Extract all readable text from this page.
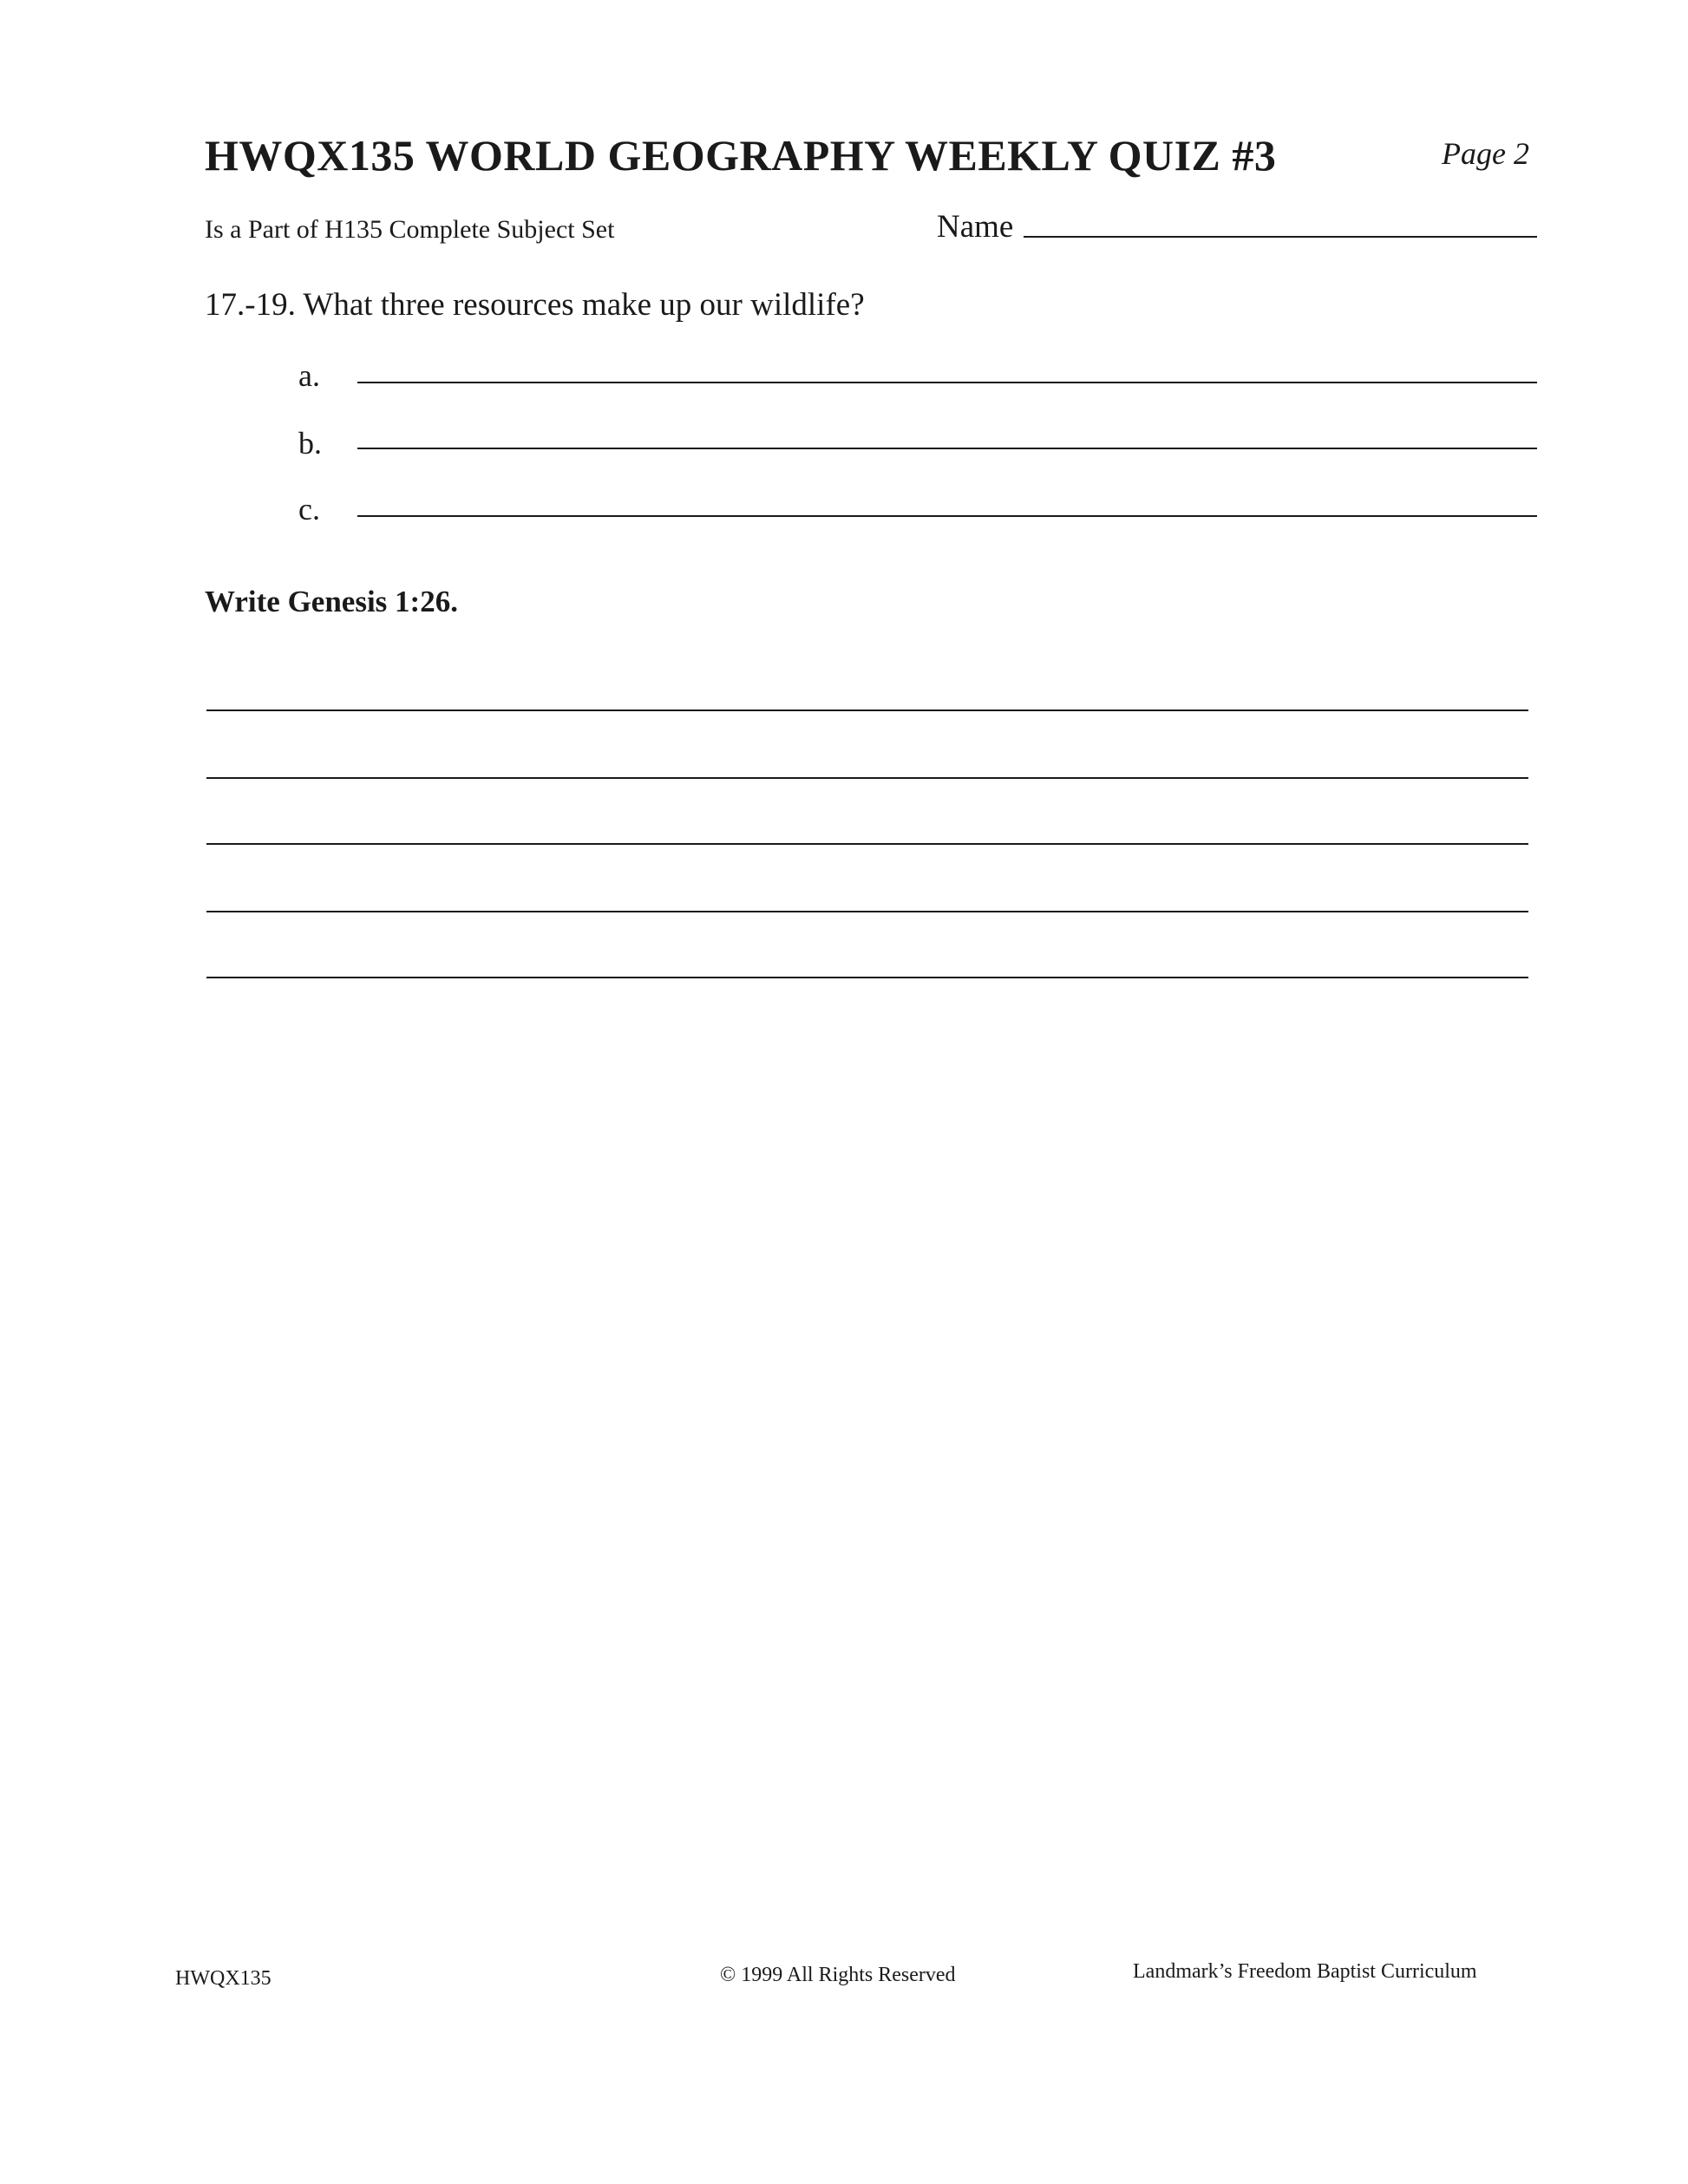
HWQX135 WORLD GEOGRAPHY WEEKLY QUIZ #3	Page 2
Is a Part of H135 Complete Subject Set	Name
17.-19. What three resources make up our wildlife?
a.
b.
c.
Write Genesis 1:26.
HWQX135	© 1999 All Rights Reserved	Landmark’s Freedom Baptist Curriculum
